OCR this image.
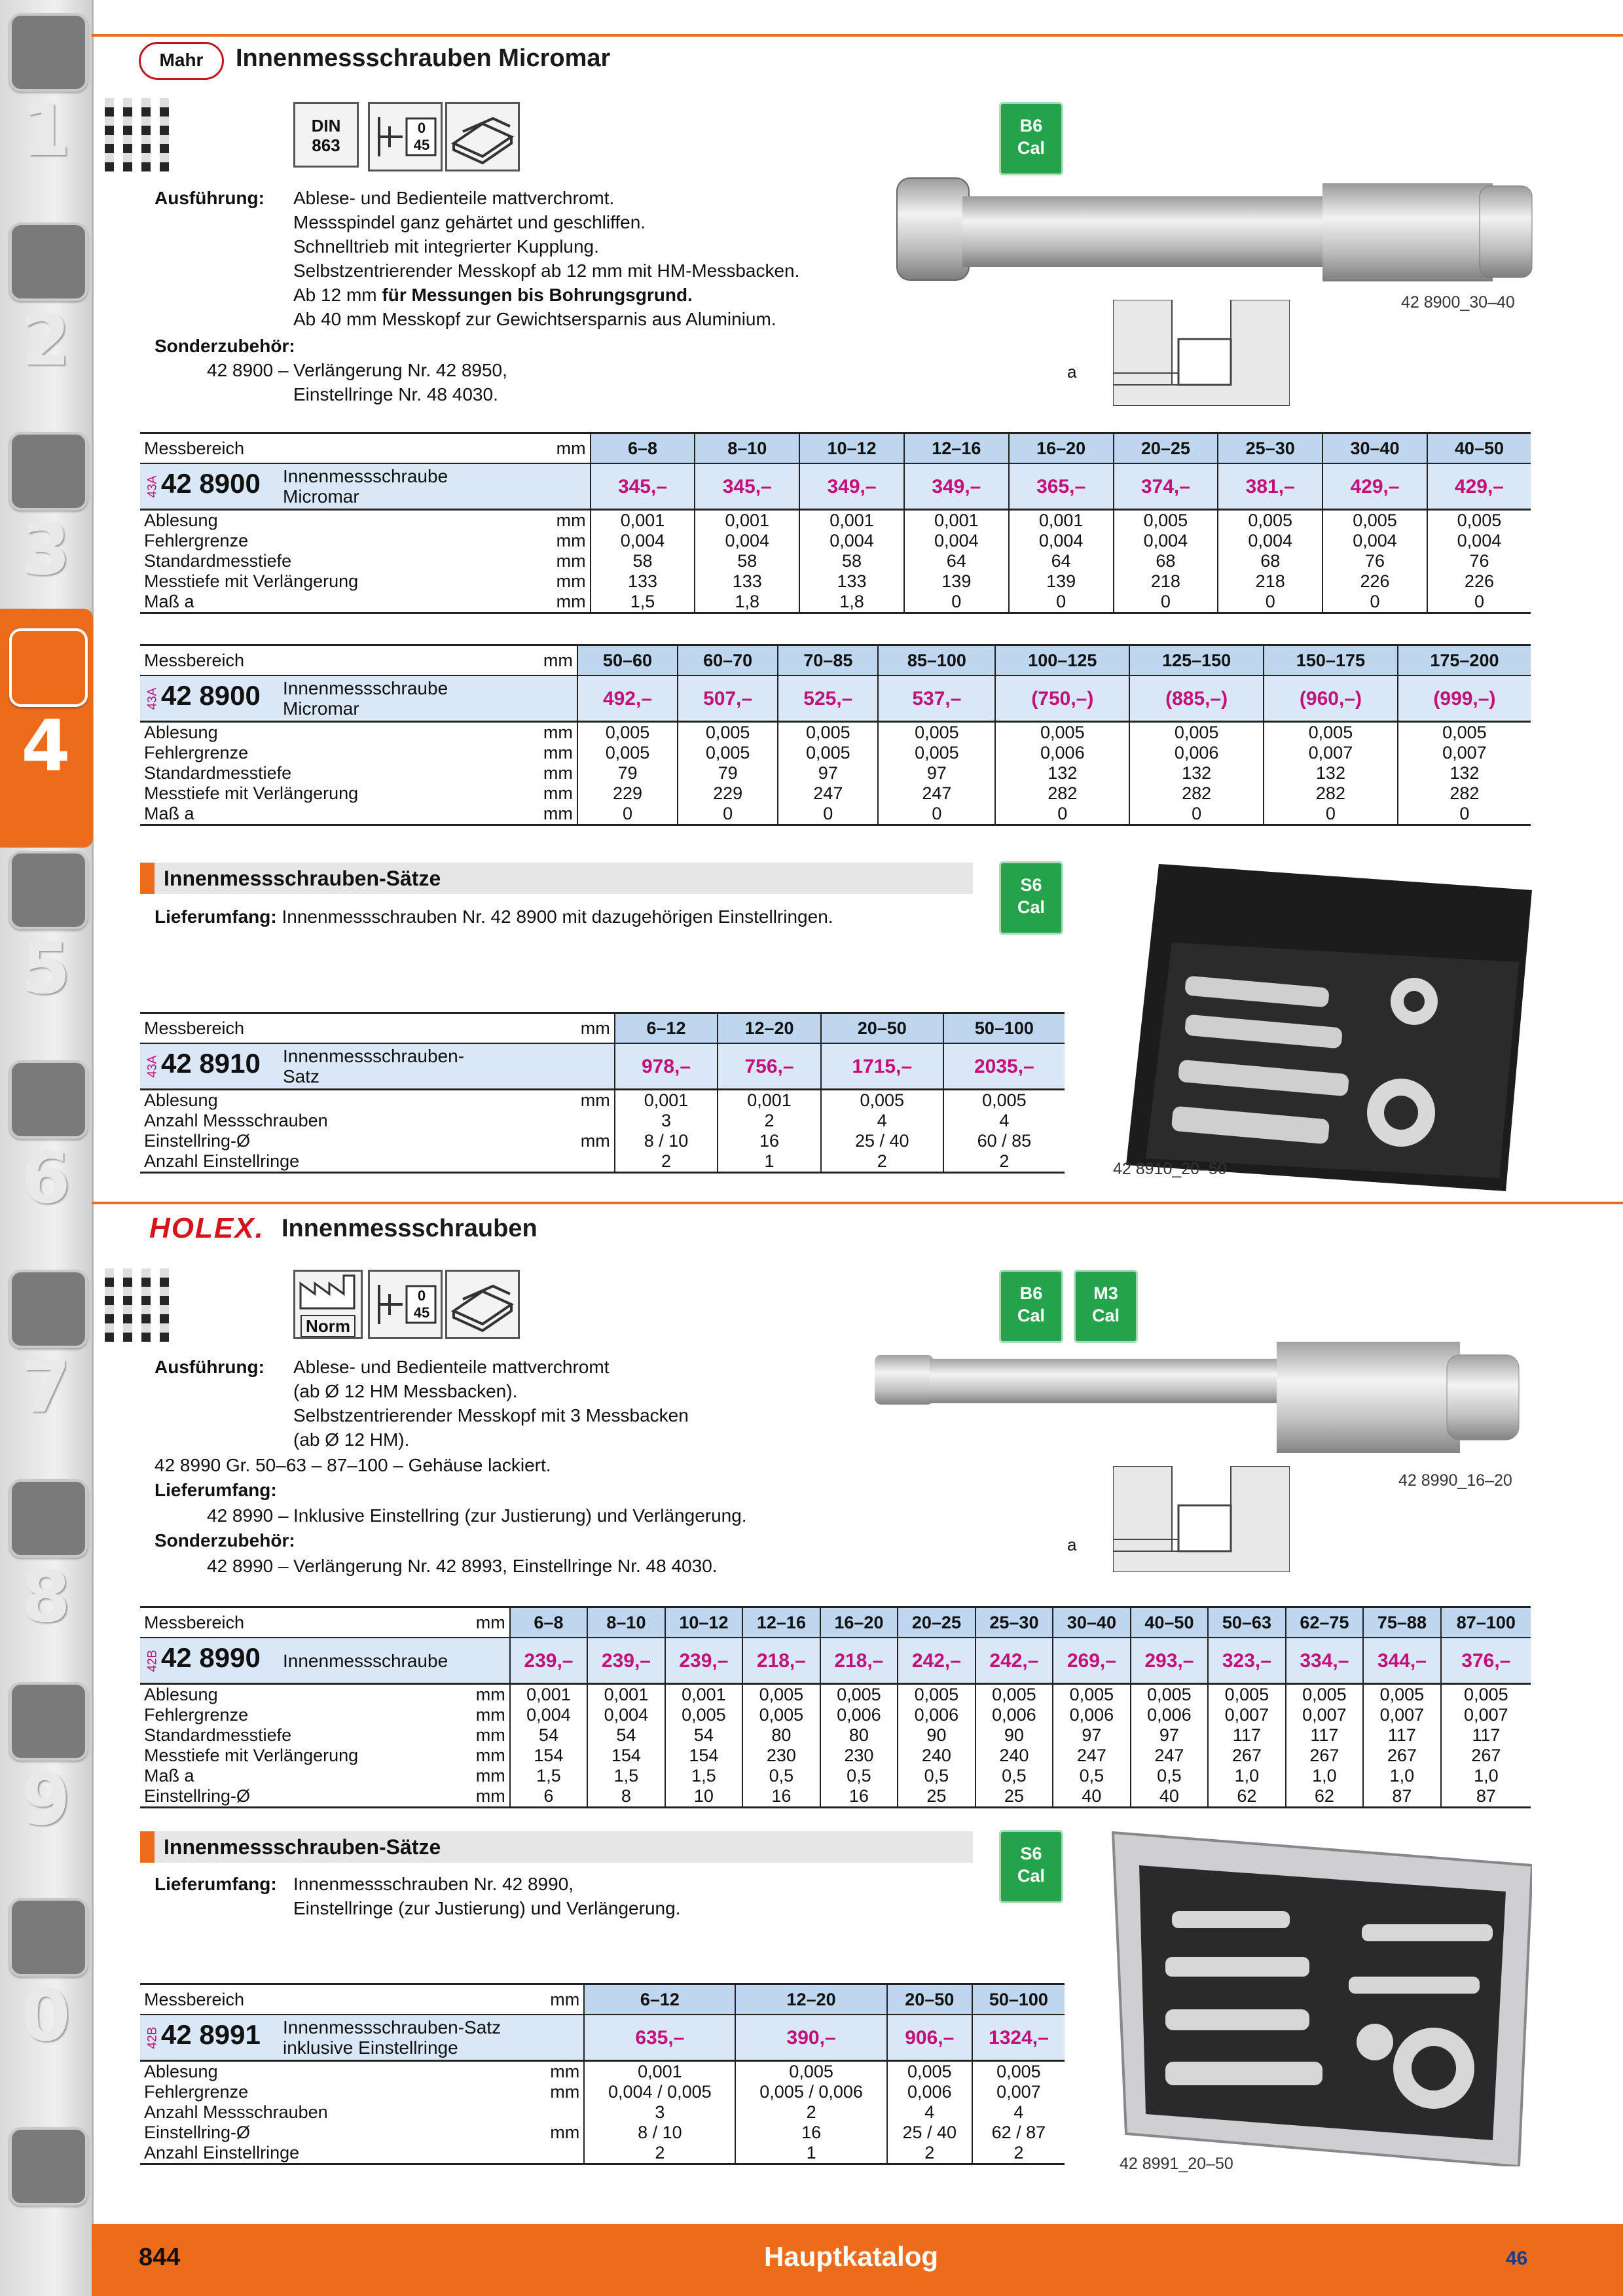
1
2
3
4
5
6
7
8
9
0
Mahr	Innenmessschrauben Micromar
DIN
863
0
45
B6
Cal
Ausführung: Ablese- und Bedienteile mattverchromt.
Messspindel ganz gehärtet und geschliffen.
Schnelltrieb mit integrierter Kupplung.
Selbstzentrierender Messkopf ab 12 mm mit HM-Messbacken.
Ab 12 mm für Messungen bis Bohrungsgrund.
Ab 40 mm Messkopf zur Gewichtsersparnis aus Aluminium.
Sonderzubehör:
42 8900 – Verlängerung Nr. 42 8950,
Einstellringe Nr. 48 4030.
a
42 8900_30–40
Messbereich		mm	6–8	8–10	10–12	12–16	16–20	20–25	25–30	30–40	40–50
43A42 8900	Innenmessschraube
Micromar		345,–	345,–	349,–	349,–	365,–	374,–	381,–	429,–	429,–
Ablesung		mm	0,001	0,001	0,001	0,001	0,001	0,005	0,005	0,005	0,005
Fehlergrenze		mm	0,004	0,004	0,004	0,004	0,004	0,004	0,004	0,004	0,004
Standardmesstiefe		mm	58	58	58	64	64	68	68	76	76
Messtiefe mit Verlängerung		mm	133	133	133	139	139	218	218	226	226
Maß a		mm	1,5	1,8	1,8	0	0	0	0	0	0
Messbereich		mm	50–60	60–70	70–85	85–100	100–125	125–150	150–175	175–200
43A42 8900	Innenmessschraube
Micromar		492,–	507,–	525,–	537,–	(750,–)	(885,–)	(960,–)	(999,–)
Ablesung		mm	0,005	0,005	0,005	0,005	0,005	0,005	0,005	0,005
Fehlergrenze		mm	0,005	0,005	0,005	0,005	0,006	0,006	0,007	0,007
Standardmesstiefe		mm	79	79	97	97	132	132	132	132
Messtiefe mit Verlängerung		mm	229	229	247	247	282	282	282	282
Maß a		mm	0	0	0	0	0	0	0	0
Innenmessschrauben-Sätze	S6
Cal
Lieferumfang: Innenmessschrauben Nr. 42 8900 mit dazugehörigen Einstellringen.
Messbereich		mm	6–12	12–20	20–50	50–100
43A42 8910	Innenmessschrauben-
Satz		978,–	756,–	1715,–	2035,–
Ablesung		mm	0,001	0,001	0,005	0,005
Anzahl Messschrauben			3	2	4	4
Einstellring-Ø		mm	8 / 10	16	25 / 40	60 / 85
Anzahl Einstellringe			2	1	2	2	42 8910_20–50
HOLEX. Innenmessschrauben
Norm
0
45
B6
Cal
M3
Cal
Ausführung: Ablese- und Bedienteile mattverchromt
(ab Ø 12 HM Messbacken).
Selbstzentrierender Messkopf mit 3 Messbacken
(ab Ø 12 HM).
42 8990 Gr. 50–63 – 87–100 – Gehäuse lackiert.
Lieferumfang:
42 8990 – Inklusive Einstellring (zur Justierung) und Verlängerung.
Sonderzubehör:
42 8990 – Verlängerung Nr. 42 8993, Einstellringe Nr. 48 4030.
a
42 8990_16–20
Messbereich		mm	6–8	8–10	10–12	12–16	16–20	20–25	25–30	30–40	40–50	50–63	62–75	75–88	87–100
42B42 8990	Innenmessschraube		239,–	239,–	239,–	218,–	218,–	242,–	242,–	269,–	293,–	323,–	334,–	344,–	376,–
Ablesung		mm	0,001	0,001	0,001	0,005	0,005	0,005	0,005	0,005	0,005	0,005	0,005	0,005	0,005
Fehlergrenze		mm	0,004	0,004	0,005	0,005	0,006	0,006	0,006	0,006	0,006	0,007	0,007	0,007	0,007
Standardmesstiefe		mm	54	54	54	80	80	90	90	97	97	117	117	117	117
Messtiefe mit Verlängerung		mm	154	154	154	230	230	240	240	247	247	267	267	267	267
Maß a		mm	1,5	1,5	1,5	0,5	0,5	0,5	0,5	0,5	0,5	1,0	1,0	1,0	1,0
Einstellring-Ø		mm	6	8	10	16	16	25	25	40	40	62	62	87	87
Innenmessschrauben-Sätze	S6
Cal
Lieferumfang: Innenmessschrauben Nr. 42 8990,
Einstellringe (zur Justierung) und Verlängerung.
Messbereich		mm	6–12	12–20	20–50	50–100
42B42 8991	Innenmessschrauben-Satz
inklusive Einstellringe		635,–	390,–	906,–	1324,–
Ablesung		mm	0,001	0,005	0,005	0,005
Fehlergrenze		mm	0,004 / 0,005	0,005 / 0,006	0,006	0,007
Anzahl Messschrauben			3	2	4	4
Einstellring-Ø		mm	8 / 10	16	25 / 40	62 / 87
Anzahl Einstellringe			2	1	2	2
42 8991_20–50
844	Hauptkatalog	46
